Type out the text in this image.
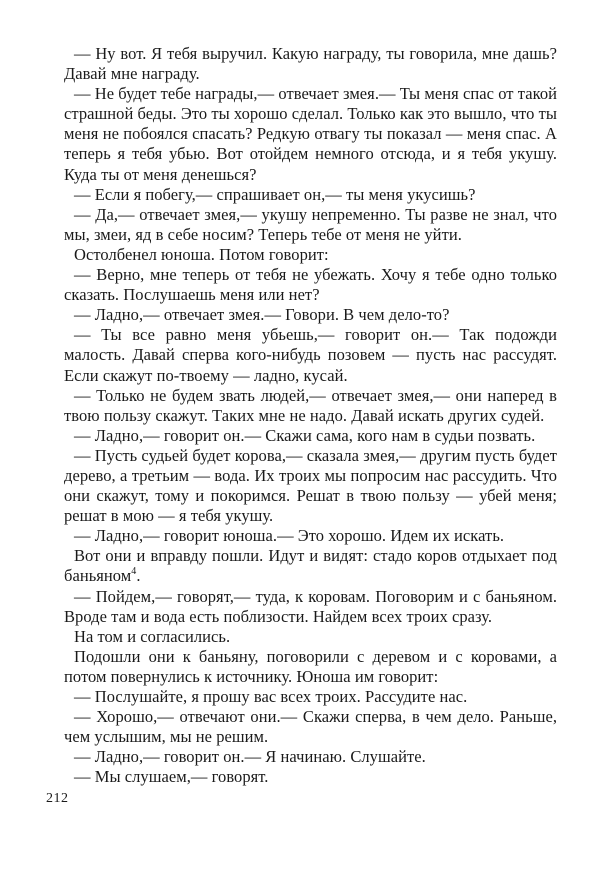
— Ну вот. Я тебя выручил. Какую награду, ты говорила, мне дашь? Давай мне награду.

— Не будет тебе награды,— отвечает змея.— Ты меня спас от такой страшной беды. Это ты хорошо сделал. Только как это вышло, что ты меня не побоялся спасать? Редкую отвагу ты показал — меня спас. А теперь я тебя убью. Вот отойдем немного отсюда, и я тебя укушу. Куда ты от меня денешься?

— Если я побегу,— спрашивает он,— ты меня укусишь?

— Да,— отвечает змея,— укушу непременно. Ты разве не знал, что мы, змеи, яд в себе носим? Теперь тебе от меня не уйти.

Остолбенел юноша. Потом говорит:

— Верно, мне теперь от тебя не убежать. Хочу я тебе одно только сказать. Послушаешь меня или нет?

— Ладно,— отвечает змея.— Говори. В чем дело-то?

— Ты все равно меня убьешь,— говорит он.— Так подожди малость. Давай сперва кого-нибудь позовем — пусть нас рассудят. Если скажут по-твоему — ладно, кусай.

— Только не будем звать людей,— отвечает змея,— они наперед в твою пользу скажут. Таких мне не надо. Давай искать других судей.

— Ладно,— говорит он.— Скажи сама, кого нам в судьи позвать.

— Пусть судьей будет корова,— сказала змея,— другим пусть будет дерево, а третьим — вода. Их троих мы попросим нас рассудить. Что они скажут, тому и покоримся. Решат в твою пользу — убей меня; решат в мою — я тебя укушу.

— Ладно,— говорит юноша.— Это хорошо. Идем их искать.

Вот они и вправду пошли. Идут и видят: стадо коров отдыхает под баньяном$^4$.

— Пойдем,— говорят,— туда, к коровам. Поговорим и с баньяном. Вроде там и вода есть поблизости. Найдем всех троих сразу.

На том и согласились.

Подошли они к баньяну, поговорили с деревом и с коровами, а потом повернулись к источнику. Юноша им говорит:

— Послушайте, я прошу вас всех троих. Рассудите нас.

— Хорошо,— отвечают они.— Скажи сперва, в чем дело. Раньше, чем услышим, мы не решим.

— Ладно,— говорит он.— Я начинаю. Слушайте.

— Мы слушаем,— говорят.

212
